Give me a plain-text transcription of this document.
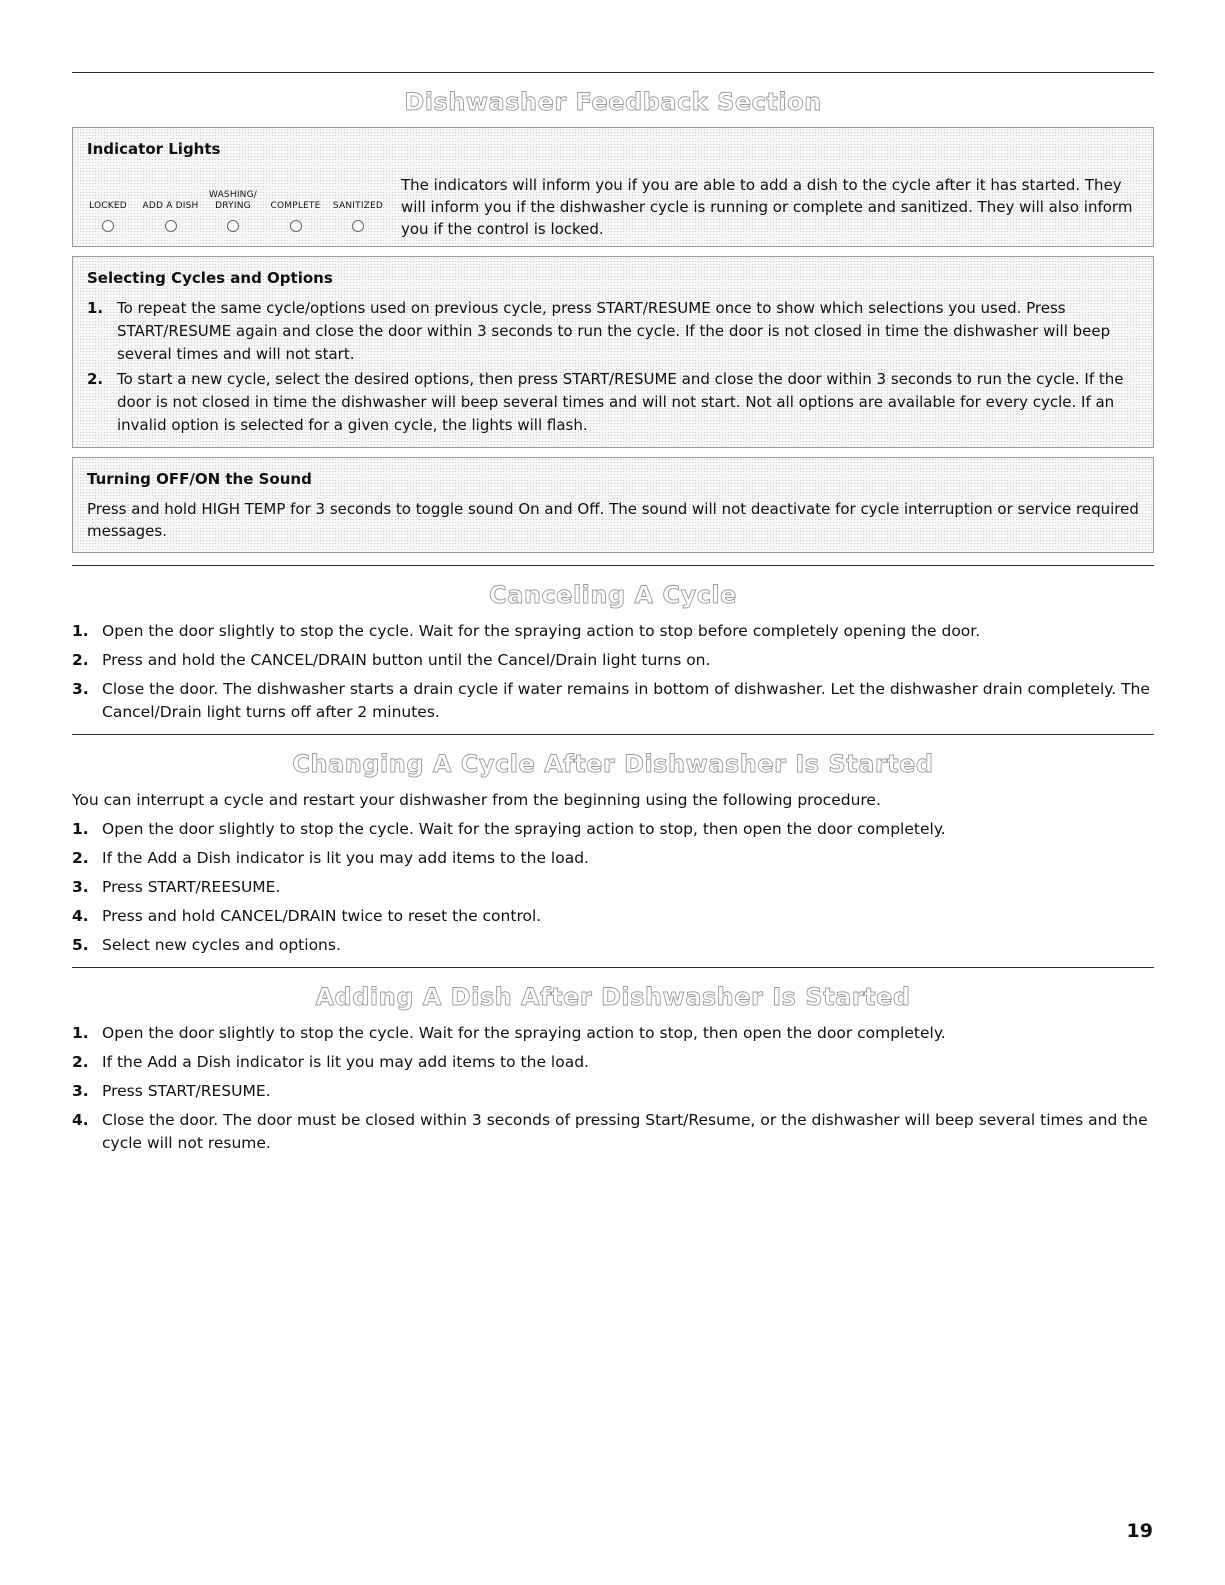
Dishwasher Feedback Section
Indicator Lights
LOCKED ADD A DISH
WASHING/ DRYING	COMPLETE SANITIZED

The indicators will inform you if you are able to add a dish to the cycle after it has started. They will inform you if the dishwasher cycle is running or complete and sanitized. They will also inform you if the control is locked.

Selecting Cycles and Options
1. To repeat the same cycle/options used on previous cycle, press START/RESUME once to show which selections you used. Press START/RESUME again and close the door within 3 seconds to run the cycle. If the door is not closed in time the dishwasher will beep several times and will not start.
2. To start a new cycle, select the desired options, then press START/RESUME and close the door within 3 seconds to run the cycle. If the door is not closed in time the dishwasher will beep several times and will not start. Not all options are available for every cycle. If an invalid option is selected for a given cycle, the lights will flash.
Turning OFF/ON the Sound

Press and hold HIGH TEMP for 3 seconds to toggle sound On and Off. The sound will not deactivate for cycle interruption or service required messages.

Canceling A Cycle
1. Open the door slightly to stop the cycle. Wait for the spraying action to stop before completely opening the door.
2. Press and hold the CANCEL/DRAIN button until the Cancel/Drain light turns on.
3. Close the door. The dishwasher starts a drain cycle if water remains in bottom of dishwasher. Let the dishwasher drain completely. The Cancel/Drain light turns off after 2 minutes.
Changing A Cycle After Dishwasher Is Started

You can interrupt a cycle and restart your dishwasher from the beginning using the following procedure.

1. Open the door slightly to stop the cycle. Wait for the spraying action to stop, then open the door completely.
2. If the Add a Dish indicator is lit you may add items to the load.
3. Press START/REESUME.
4. Press and hold CANCEL/DRAIN twice to reset the control.
5. Select new cycles and options.
Adding A Dish After Dishwasher Is Started
1. Open the door slightly to stop the cycle. Wait for the spraying action to stop, then open the door completely.
2. If the Add a Dish indicator is lit you may add items to the load.
3. Press START/RESUME.
4. Close the door. The door must be closed within 3 seconds of pressing Start/Resume, or the dishwasher will beep several times and the cycle will not resume.
19
